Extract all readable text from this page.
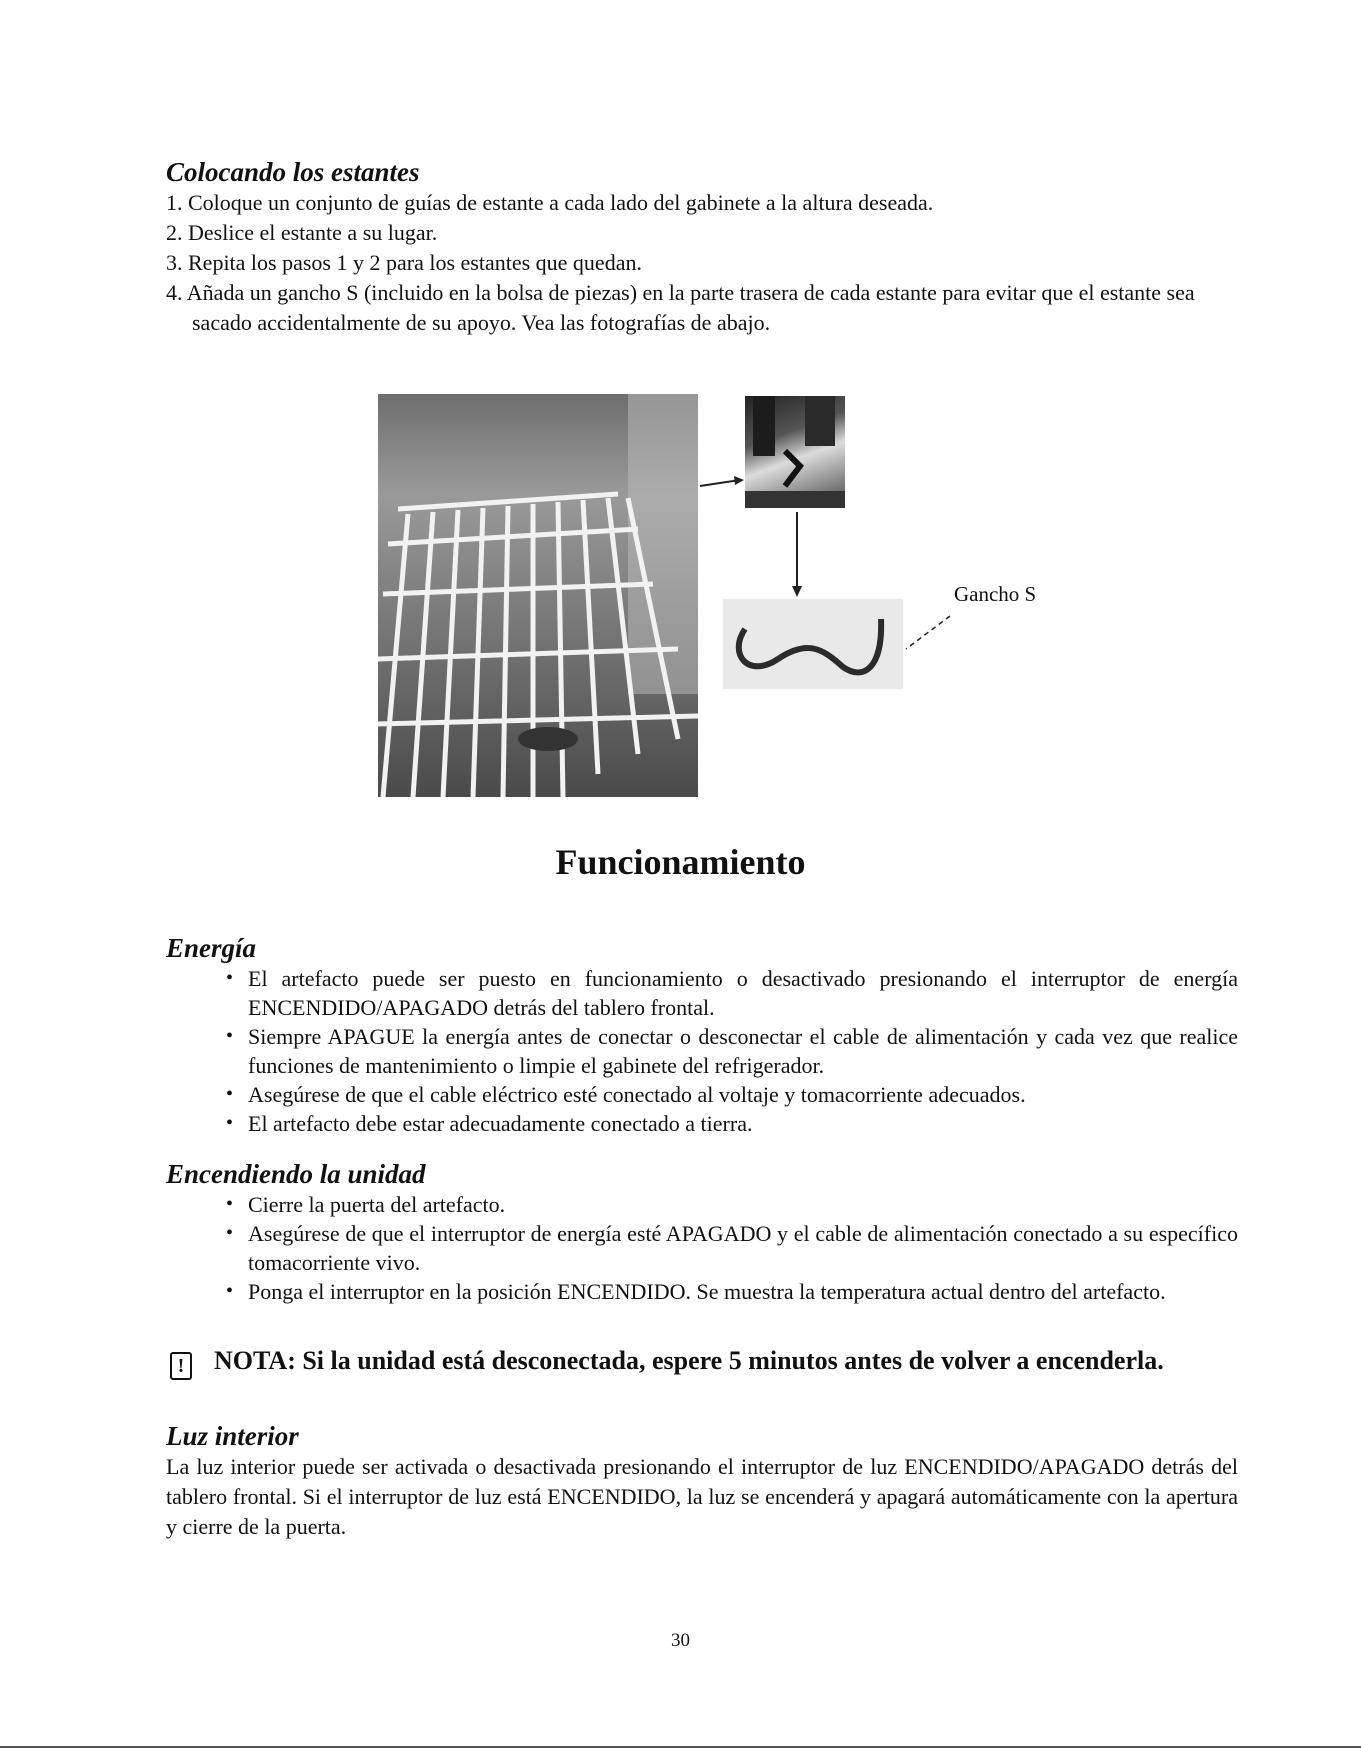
Colocando los estantes
1. Coloque un conjunto de guías de estante a cada lado del gabinete a la altura deseada.
2. Deslice el estante a su lugar.
3. Repita los pasos 1 y 2 para los estantes que quedan.
4. Añada un gancho S (incluido en la bolsa de piezas) en la parte trasera de cada estante para evitar que el estante sea sacado accidentalmente de su apoyo. Vea las fotografías de abajo.
Gancho S
Funcionamiento
Energía
• El artefacto puede ser puesto en funcionamiento o desactivado presionando el interruptor de energía ENCENDIDO/APAGADO detrás del tablero frontal.
• Siempre APAGUE la energía antes de conectar o desconectar el cable de alimentación y cada vez que realice funciones de mantenimiento o limpie el gabinete del refrigerador.
• Asegúrese de que el cable eléctrico esté conectado al voltaje y tomacorriente adecuados.
• El artefacto debe estar adecuadamente conectado a tierra.
Encendiendo la unidad
• Cierre la puerta del artefacto.
• Asegúrese de que el interruptor de energía esté APAGADO y el cable de alimentación conectado a su específico tomacorriente vivo.
• Ponga el interruptor en la posición ENCENDIDO. Se muestra la temperatura actual dentro del artefacto.
! NOTA: Si la unidad está desconectada, espere 5 minutos antes de volver a encenderla.
Luz interior

La luz interior puede ser activada o desactivada presionando el interruptor de luz ENCENDIDO/APAGADO detrás del tablero frontal. Si el interruptor de luz está ENCENDIDO, la luz se encenderá y apagará automáticamente con la apertura y cierre de la puerta.

30
